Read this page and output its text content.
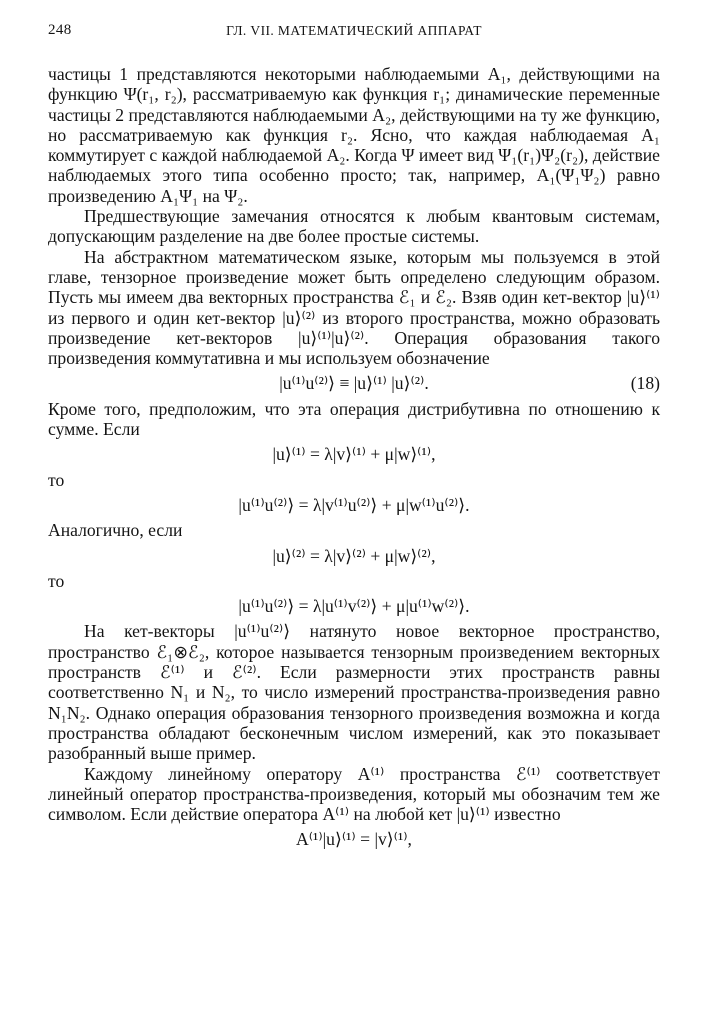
248	ГЛ. VII. МАТЕМАТИЧЕСКИЙ АППАРАТ

частицы 1 представляются некоторыми наблюдаемыми A₁, действующими на функцию Ψ(r₁, r₂), рассматриваемую как функция r₁; динамические переменные частицы 2 представляются наблюдаемыми A₂, действующими на ту же функцию, но рассматриваемую как функция r₂. Ясно, что каждая наблюдаемая A₁ коммутирует с каждой наблюдаемой A₂. Когда Ψ имеет вид Ψ₁(r₁)Ψ₂(r₂), действие наблюдаемых этого типа особенно просто; так, например, A₁(Ψ₁Ψ₂) равно произведению A₁Ψ₁ на Ψ₂.

Предшествующие замечания относятся к любым квантовым системам, допускающим разделение на две более простые системы.

На абстрактном математическом языке, которым мы пользуемся в этой главе, тензорное произведение может быть определено следующим образом. Пусть мы имеем два векторных пространства ℰ₁ и ℰ₂. Взяв один кет-вектор |u⟩⁽¹⁾ из первого и один кет-вектор |u⟩⁽²⁾ из второго пространства, можно образовать произведение кет-векторов |u⟩⁽¹⁾|u⟩⁽²⁾. Операция образования такого произведения коммутативна и мы используем обозначение

|u⁽¹⁾u⁽²⁾⟩ ≡ |u⟩⁽¹⁾ |u⟩⁽²⁾.	(18)

Кроме того, предположим, что эта операция дистрибутивна по отношению к сумме. Если

|u⟩⁽¹⁾ = λ|v⟩⁽¹⁾ + μ|w⟩⁽¹⁾,

то

|u⁽¹⁾u⁽²⁾⟩ = λ|v⁽¹⁾u⁽²⁾⟩ + μ|w⁽¹⁾u⁽²⁾⟩.

Аналогично, если

|u⟩⁽²⁾ = λ|v⟩⁽²⁾ + μ|w⟩⁽²⁾,

то

|u⁽¹⁾u⁽²⁾⟩ = λ|u⁽¹⁾v⁽²⁾⟩ + μ|u⁽¹⁾w⁽²⁾⟩.

На кет-векторы |u⁽¹⁾u⁽²⁾⟩ натянуто новое векторное пространство, пространство ℰ₁⊗ℰ₂, которое называется тензорным произведением векторных пространств ℰ⁽¹⁾ и ℰ⁽²⁾. Если размерности этих пространств равны соответственно N₁ и N₂, то число измерений пространства-произведения равно N₁N₂. Однако операция образования тензорного произведения возможна и когда пространства обладают бесконечным числом измерений, как это показывает разобранный выше пример.

Каждому линейному оператору A⁽¹⁾ пространства ℰ⁽¹⁾ соответствует линейный оператор пространства-произведения, который мы обозначим тем же символом. Если действие оператора A⁽¹⁾ на любой кет |u⟩⁽¹⁾ известно

A⁽¹⁾|u⟩⁽¹⁾ = |v⟩⁽¹⁾,
